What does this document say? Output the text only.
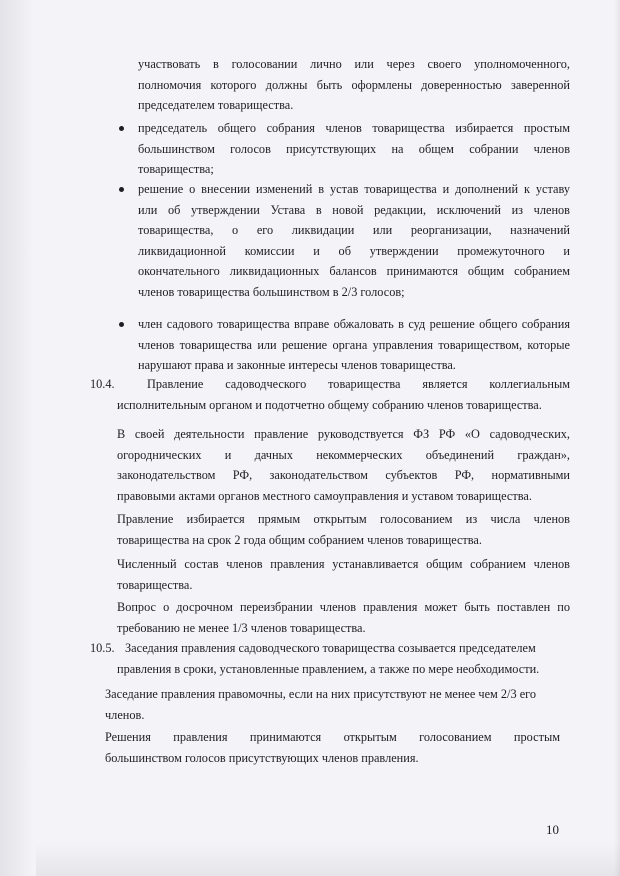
участвовать в голосовании лично или через своего уполномоченного,
полномочия которого должны быть оформлены доверенностью заверенной
председателем товарищества.
председатель общего собрания членов товарищества избирается простым
большинством голосов присутствующих на общем собрании членов
товарищества;
решение о внесении изменений в устав товарищества и дополнений к уставу
или об утверждении Устава в новой редакции, исключений из членов
товарищества, о его ликвидации или реорганизации, назначений
ликвидационной комиссии и об утверждении промежуточного и
окончательного ликвидационных балансов принимаются общим собранием
членов товарищества большинством в 2/3 голосов;
член садового товарищества вправе обжаловать в суд решение общего собрания
членов товарищества или решение органа управления товариществом, которые
нарушают права и законные интересы членов товарищества.
10.4.	Правление садоводческого товарищества является коллегиальным
исполнительным органом и подотчетно общему собранию членов товарищества.
В своей деятельности правление руководствуется ФЗ РФ «О садоводческих,
огороднических и дачных некоммерческих объединений граждан»,
законодательством РФ, законодательством субъектов РФ, нормативными
правовыми актами органов местного самоуправления и уставом товарищества.
Правление избирается прямым открытым голосованием из числа членов
товарищества на срок 2 года общим собранием членов товарищества.
Численный состав членов правления устанавливается общим собранием членов
товарищества.
Вопрос о досрочном переизбрании членов правления может быть поставлен по
требованию не менее 1/3 членов товарищества.
10.5. Заседания правления садоводческого товарищества созывается председателем
правления в сроки, установленные правлением, а также по мере необходимости.
Заседание правления правомочны, если на них присутствуют не менее чем 2/3 его
членов.
Решения правления принимаются открытым голосованием простым
большинством голосов присутствующих членов правления.
10
